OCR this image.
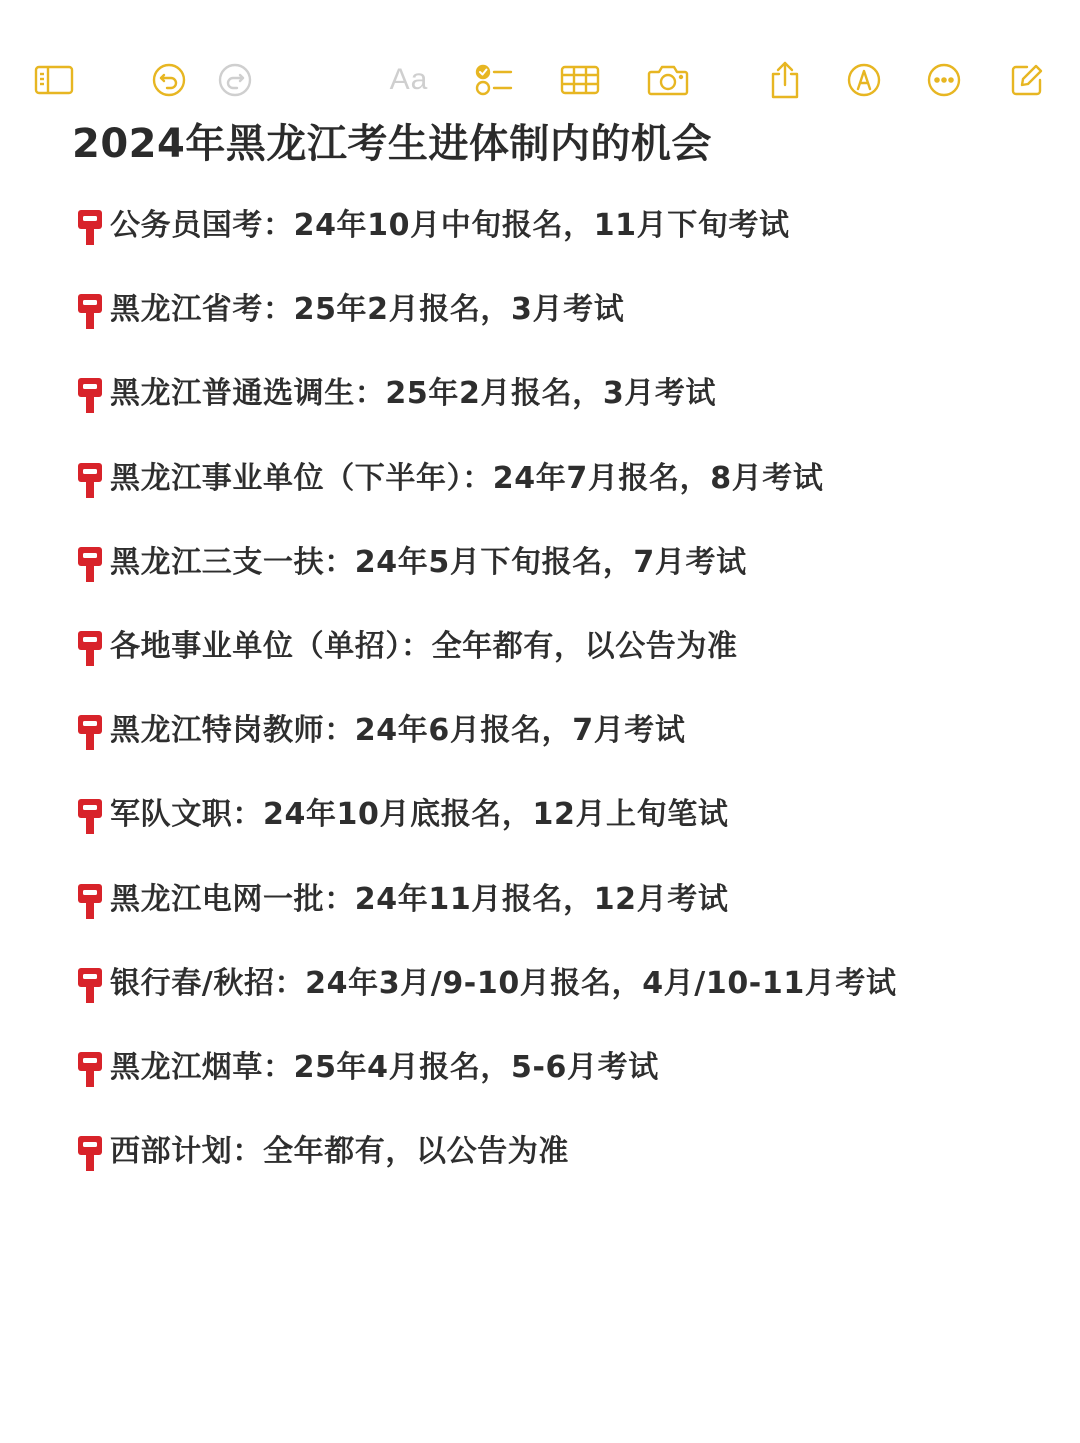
Aa
2024年黑龙江考生进体制内的机会
公务员国考：24年10月中旬报名，11月下旬考试
黑龙江省考：25年2月报名，3月考试
黑龙江普通选调生：25年2月报名，3月考试
黑龙江事业单位（下半年）：24年7月报名，8月考试
黑龙江三支一扶：24年5月下旬报名，7月考试
各地事业单位（单招）：全年都有，以公告为准
黑龙江特岗教师：24年6月报名，7月考试
军队文职：24年10月底报名，12月上旬笔试
黑龙江电网一批：24年11月报名，12月考试
银行春/秋招：24年3月/9-10月报名，4月/10-11月考试
黑龙江烟草：25年4月报名，5-6月考试
西部计划：全年都有，以公告为准
